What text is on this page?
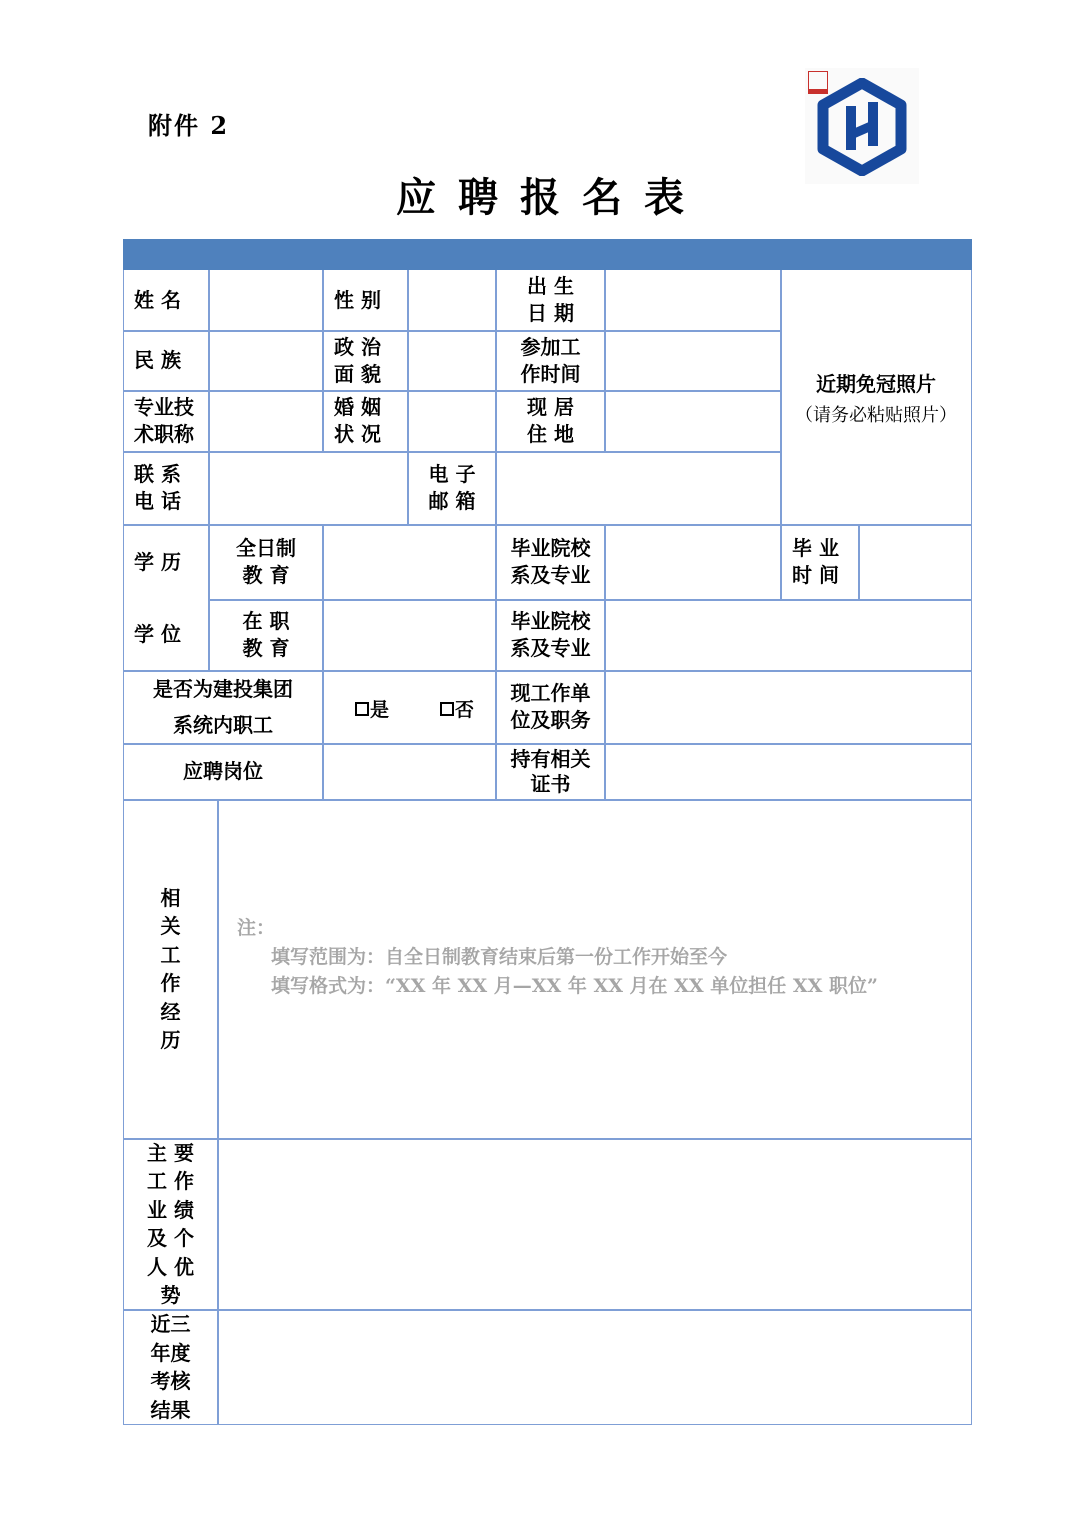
附件 2
应聘报名表
姓 名	性 别
出 生
日 期
民 族
政 治
面 貌
参加工
作时间
专业技
术职称
婚 姻
状 况
现 居
住 地
联 系
电 话
电 子
邮 箱
近期免冠照片
（请务必粘贴照片）
学 历
学 位
全日制
教 育
毕业院校
系及专业
毕 业
时 间
在 职
教 育
毕业院校
系及专业
是否为建投集团
系统内职工
是	否
现工作单
位及职务
应聘岗位
持有相关
证书
相
关
工
作
经
历
注：
填写范围为：自全日制教育结束后第一份工作开始至今
填写格式为：“XX 年 XX 月—XX 年 XX 月在 XX 单位担任 XX 职位”
主 要
工 作
业 绩
及 个
人 优
势
近三
年度
考核
结果
